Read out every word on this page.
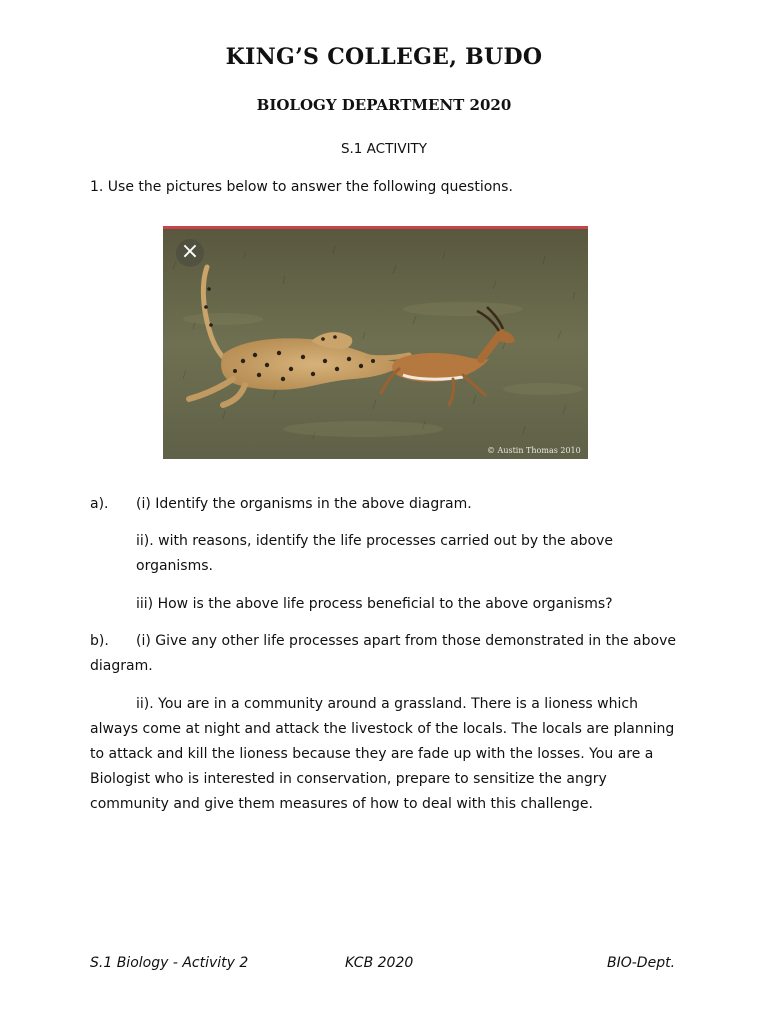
KING’S COLLEGE, BUDO
BIOLOGY DEPARTMENT 2020
S.1 ACTIVITY

1. Use the pictures below to answer the following questions.

×
© Austin Thomas 2010

a). (i) Identify the organisms in the above diagram.

ii). with reasons, identify the life processes carried out by the above organisms.

iii) How is the above life process beneficial to the above organisms?

b).	(i) Give any other life processes apart from those demonstrated in the above diagram.

ii). You are in a community around a grassland. There is a lioness which always come at night and attack the livestock of the locals. The locals are planning to attack and kill the lioness because they are fade up with the losses. You are a Biologist who is interested in conservation, prepare to sensitize the angry community and give them measures of how to deal with this challenge.

S.1 Biology - Activity 2	KCB 2020	BIO-Dept.
